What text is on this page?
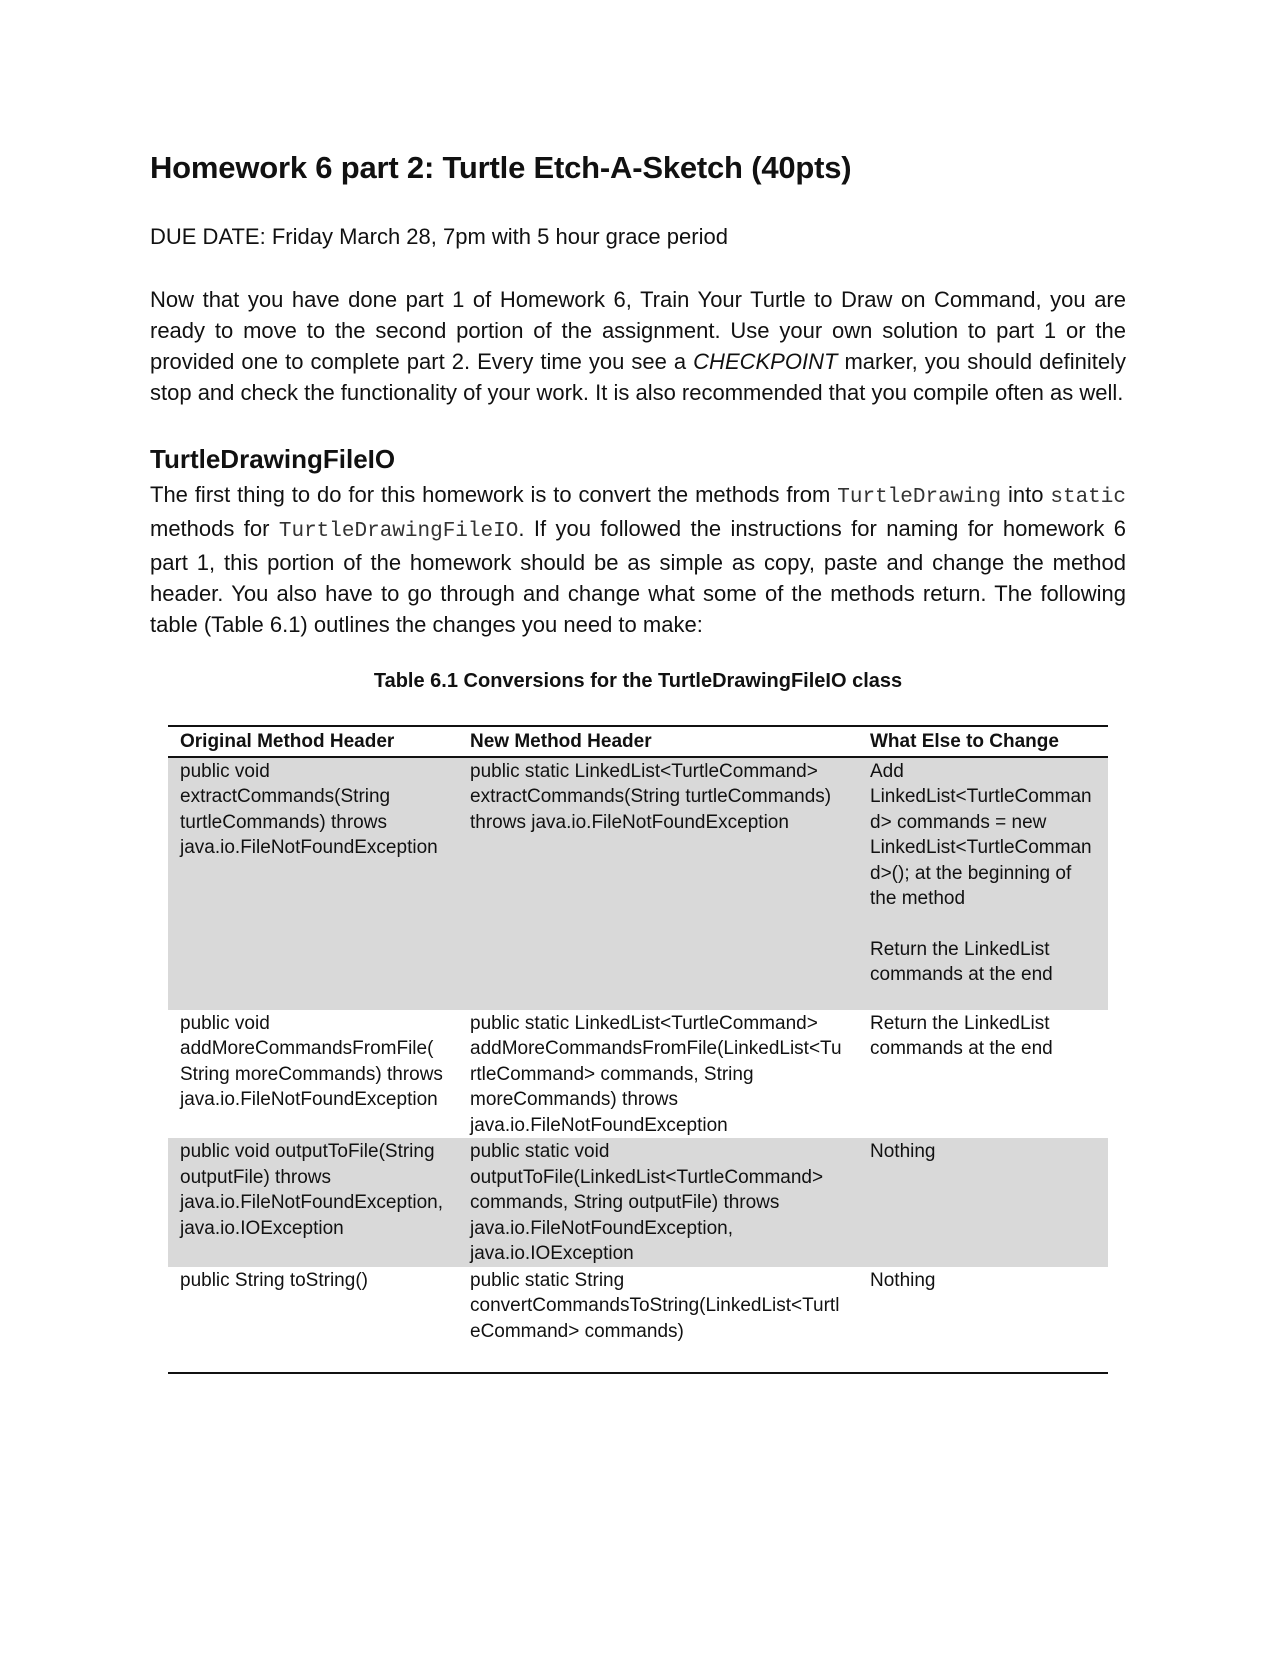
Homework 6 part 2: Turtle Etch-A-Sketch (40pts)

DUE DATE: Friday March 28, 7pm with 5 hour grace period

Now that you have done part 1 of Homework 6, Train Your Turtle to Draw on Command, you are ready to move to the second portion of the assignment. Use your own solution to part 1 or the provided one to complete part 2. Every time you see a CHECKPOINT marker, you should definitely stop and check the functionality of your work. It is also recommended that you compile often as well.

TurtleDrawingFileIO

The first thing to do for this homework is to convert the methods from TurtleDrawing into static methods for TurtleDrawingFileIO. If you followed the instructions for naming for homework 6 part 1, this portion of the homework should be as simple as copy, paste and change the method header. You also have to go through and change what some of the methods return. The following table (Table 6.1) outlines the changes you need to make:

Table 6.1 Conversions for the TurtleDrawingFileIO class
Original Method Header	New Method Header	What Else to Change
public void extractCommands(String turtleCommands) throws java.io.FileNotFoundException	public static LinkedList<TurtleCommand> extractCommands(String turtleCommands) throws java.io.FileNotFoundException	Add LinkedList<TurtleCommand> commands = new LinkedList<TurtleCommand>(); at the beginning of the method
Return the LinkedList commands at the end

public void addMoreCommandsFromFile(String moreCommands) throws java.io.FileNotFoundException	public static LinkedList<TurtleCommand> addMoreCommandsFromFile(LinkedList<TurtleCommand> commands, String moreCommands) throws java.io.FileNotFoundException	Return the LinkedList commands at the end
public void outputToFile(String outputFile) throws java.io.FileNotFoundException, java.io.IOException	public static void outputToFile(LinkedList<TurtleCommand> commands, String outputFile) throws java.io.FileNotFoundException, java.io.IOException	Nothing
public String toString()	public static String convertCommandsToString(LinkedList<TurtleCommand> commands)	Nothing
